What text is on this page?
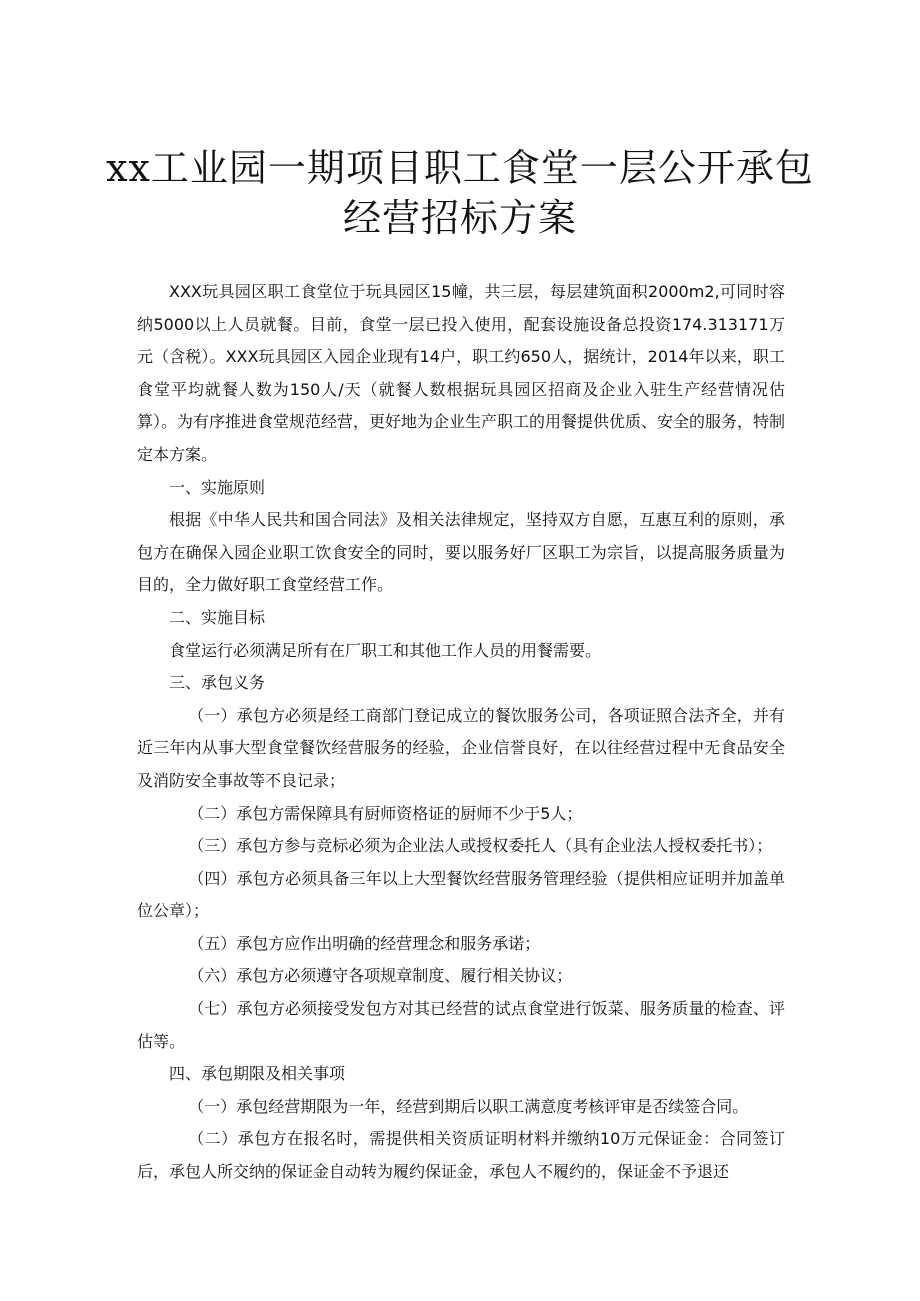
xx工业园一期项目职工食堂一层公开承包
经营招标方案

XXX玩具园区职工食堂位于玩具园区15幢，共三层，每层建筑面积2000m2,可同时容纳5000以上人员就餐。目前，食堂一层已投入使用，配套设施设备总投资174.313171万元（含税）。XXX玩具园区入园企业现有14户，职工约650人，据统计，2014年以来，职工食堂平均就餐人数为150人/天（就餐人数根据玩具园区招商及企业入驻生产经营情况估算）。为有序推进食堂规范经营，更好地为企业生产职工的用餐提供优质、安全的服务，特制定本方案。

一、实施原则

根据《中华人民共和国合同法》及相关法律规定，坚持双方自愿，互惠互利的原则，承包方在确保入园企业职工饮食安全的同时，要以服务好厂区职工为宗旨，以提高服务质量为目的，全力做好职工食堂经营工作。

二、实施目标

食堂运行必须满足所有在厂职工和其他工作人员的用餐需要。

三、承包义务

（一）承包方必须是经工商部门登记成立的餐饮服务公司，各项证照合法齐全，并有近三年内从事大型食堂餐饮经营服务的经验，企业信誉良好，在以往经营过程中无食品安全及消防安全事故等不良记录；

（二）承包方需保障具有厨师资格证的厨师不少于5人；

（三）承包方参与竞标必须为企业法人或授权委托人（具有企业法人授权委托书）；

（四）承包方必须具备三年以上大型餐饮经营服务管理经验（提供相应证明并加盖单位公章）；

（五）承包方应作出明确的经营理念和服务承诺；

（六）承包方必须遵守各项规章制度、履行相关协议；

（七）承包方必须接受发包方对其已经营的试点食堂进行饭菜、服务质量的检查、评估等。

四、承包期限及相关事项

（一）承包经营期限为一年，经营到期后以职工满意度考核评审是否续签合同。

（二）承包方在报名时，需提供相关资质证明材料并缴纳10万元保证金：合同签订后，承包人所交纳的保证金自动转为履约保证金，承包人不履约的，保证金不予退还
